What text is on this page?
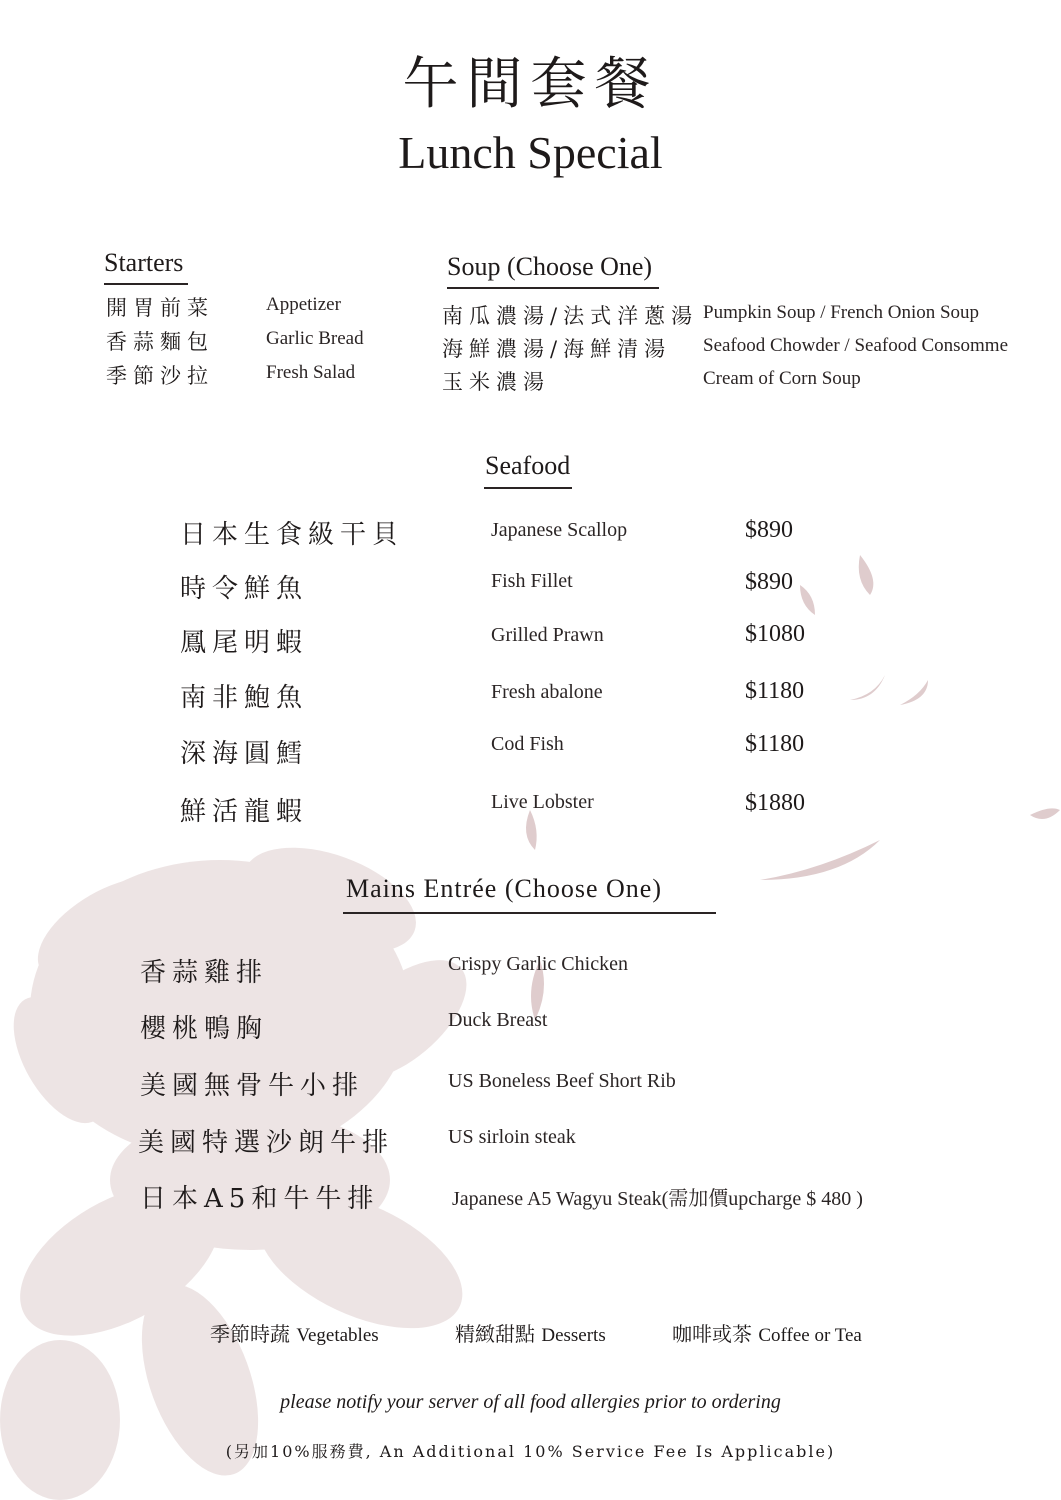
午間套餐
Lunch Special
Starters
開胃前菜	Appetizer
香蒜麵包	Garlic Bread
季節沙拉	Fresh Salad
Soup (Choose One)
南瓜濃湯/法式洋蔥湯 Pumpkin Soup / French Onion Soup
海鮮濃湯/海鮮清湯 Seafood Chowder / Seafood Consomme
玉米濃湯	Cream of Corn Soup
Seafood
日本生食級干貝	Japanese Scallop	$890
時令鮮魚	Fish Fillet	$890
鳳尾明蝦	Grilled Prawn	$1080
南非鮑魚	Fresh abalone	$1180
深海圓鱈	Cod Fish	$1180
鮮活龍蝦	Live Lobster	$1880
Mains Entrée (Choose One)
香蒜雞排	Crispy Garlic Chicken
櫻桃鴨胸	Duck Breast
美國無骨牛小排	US Boneless Beef Short Rib
美國特選沙朗牛排	US sirloin steak
日本A5和牛牛排	Japanese A5 Wagyu Steak(需加價upcharge $ 480 )
季節時蔬 Vegetables	精緻甜點 Desserts	咖啡或茶 Coffee or Tea
please notify your server of all food allergies prior to ordering
(另加10%服務費, An Additional 10% Service Fee Is Applicable)
